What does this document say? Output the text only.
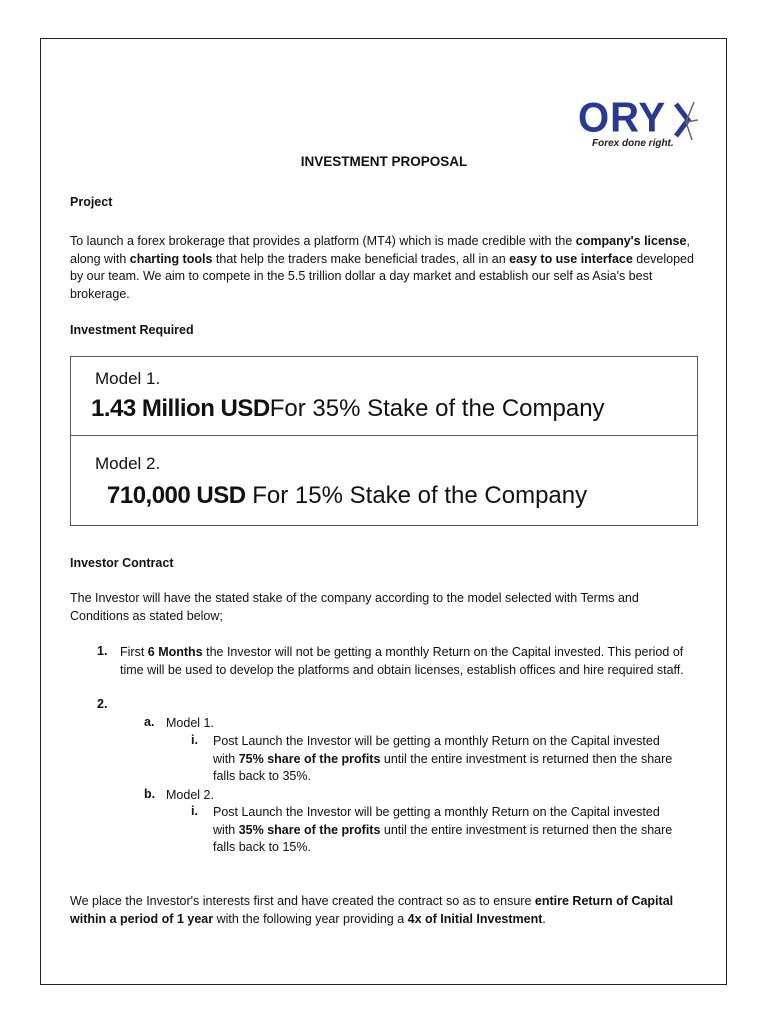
ORY
Forex done right.
INVESTMENT PROPOSAL
Project
To launch a forex brokerage that provides a platform (MT4) which is made credible with the company's license, along with charting tools that help the traders make beneficial trades, all in an easy to use interface developed by our team. We aim to compete in the 5.5 trillion dollar a day market and establish our self as Asia's best brokerage.
Investment Required
Model 1.
1.43 Million USDFor 35% Stake of the Company
Model 2.
710,000 USD For 15% Stake of the Company
Investor Contract
The Investor will have the stated stake of the company according to the model selected with Terms and Conditions as stated below;
1. First 6 Months the Investor will not be getting a monthly Return on the Capital invested. This period of time will be used to develop the platforms and obtain licenses, establish offices and hire required staff.
2.
a. Model 1.
i. Post Launch the Investor will be getting a monthly Return on the Capital invested with 75% share of the profits until the entire investment is returned then the share falls back to 35%.
b. Model 2.
i. Post Launch the Investor will be getting a monthly Return on the Capital invested with 35% share of the profits until the entire investment is returned then the share falls back to 15%.
We place the Investor's interests first and have created the contract so as to ensure entire Return of Capital within a period of 1 year with the following year providing a 4x of Initial Investment.
